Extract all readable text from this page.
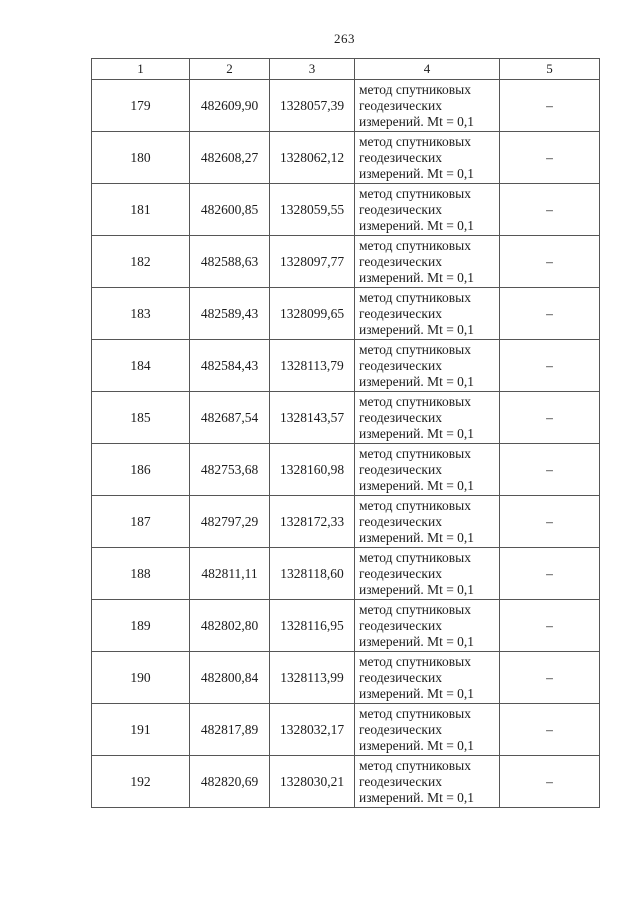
263
1	2	3	4	5
179	482609,90	1328057,39	метод спутниковых геодезических измерений. Mt = 0,1	–
180	482608,27	1328062,12	метод спутниковых геодезических измерений. Mt = 0,1	–
181	482600,85	1328059,55	метод спутниковых геодезических измерений. Mt = 0,1	–
182	482588,63	1328097,77	метод спутниковых геодезических измерений. Mt = 0,1	–
183	482589,43	1328099,65	метод спутниковых геодезических измерений. Mt = 0,1	–
184	482584,43	1328113,79	метод спутниковых геодезических измерений. Mt = 0,1	–
185	482687,54	1328143,57	метод спутниковых геодезических измерений. Mt = 0,1	–
186	482753,68	1328160,98	метод спутниковых геодезических измерений. Mt = 0,1	–
187	482797,29	1328172,33	метод спутниковых геодезических измерений. Mt = 0,1	–
188	482811,11	1328118,60	метод спутниковых геодезических измерений. Mt = 0,1	–
189	482802,80	1328116,95	метод спутниковых геодезических измерений. Mt = 0,1	–
190	482800,84	1328113,99	метод спутниковых геодезических измерений. Mt = 0,1	–
191	482817,89	1328032,17	метод спутниковых геодезических измерений. Mt = 0,1	–
192	482820,69	1328030,21	метод спутниковых геодезических измерений. Mt = 0,1	–
